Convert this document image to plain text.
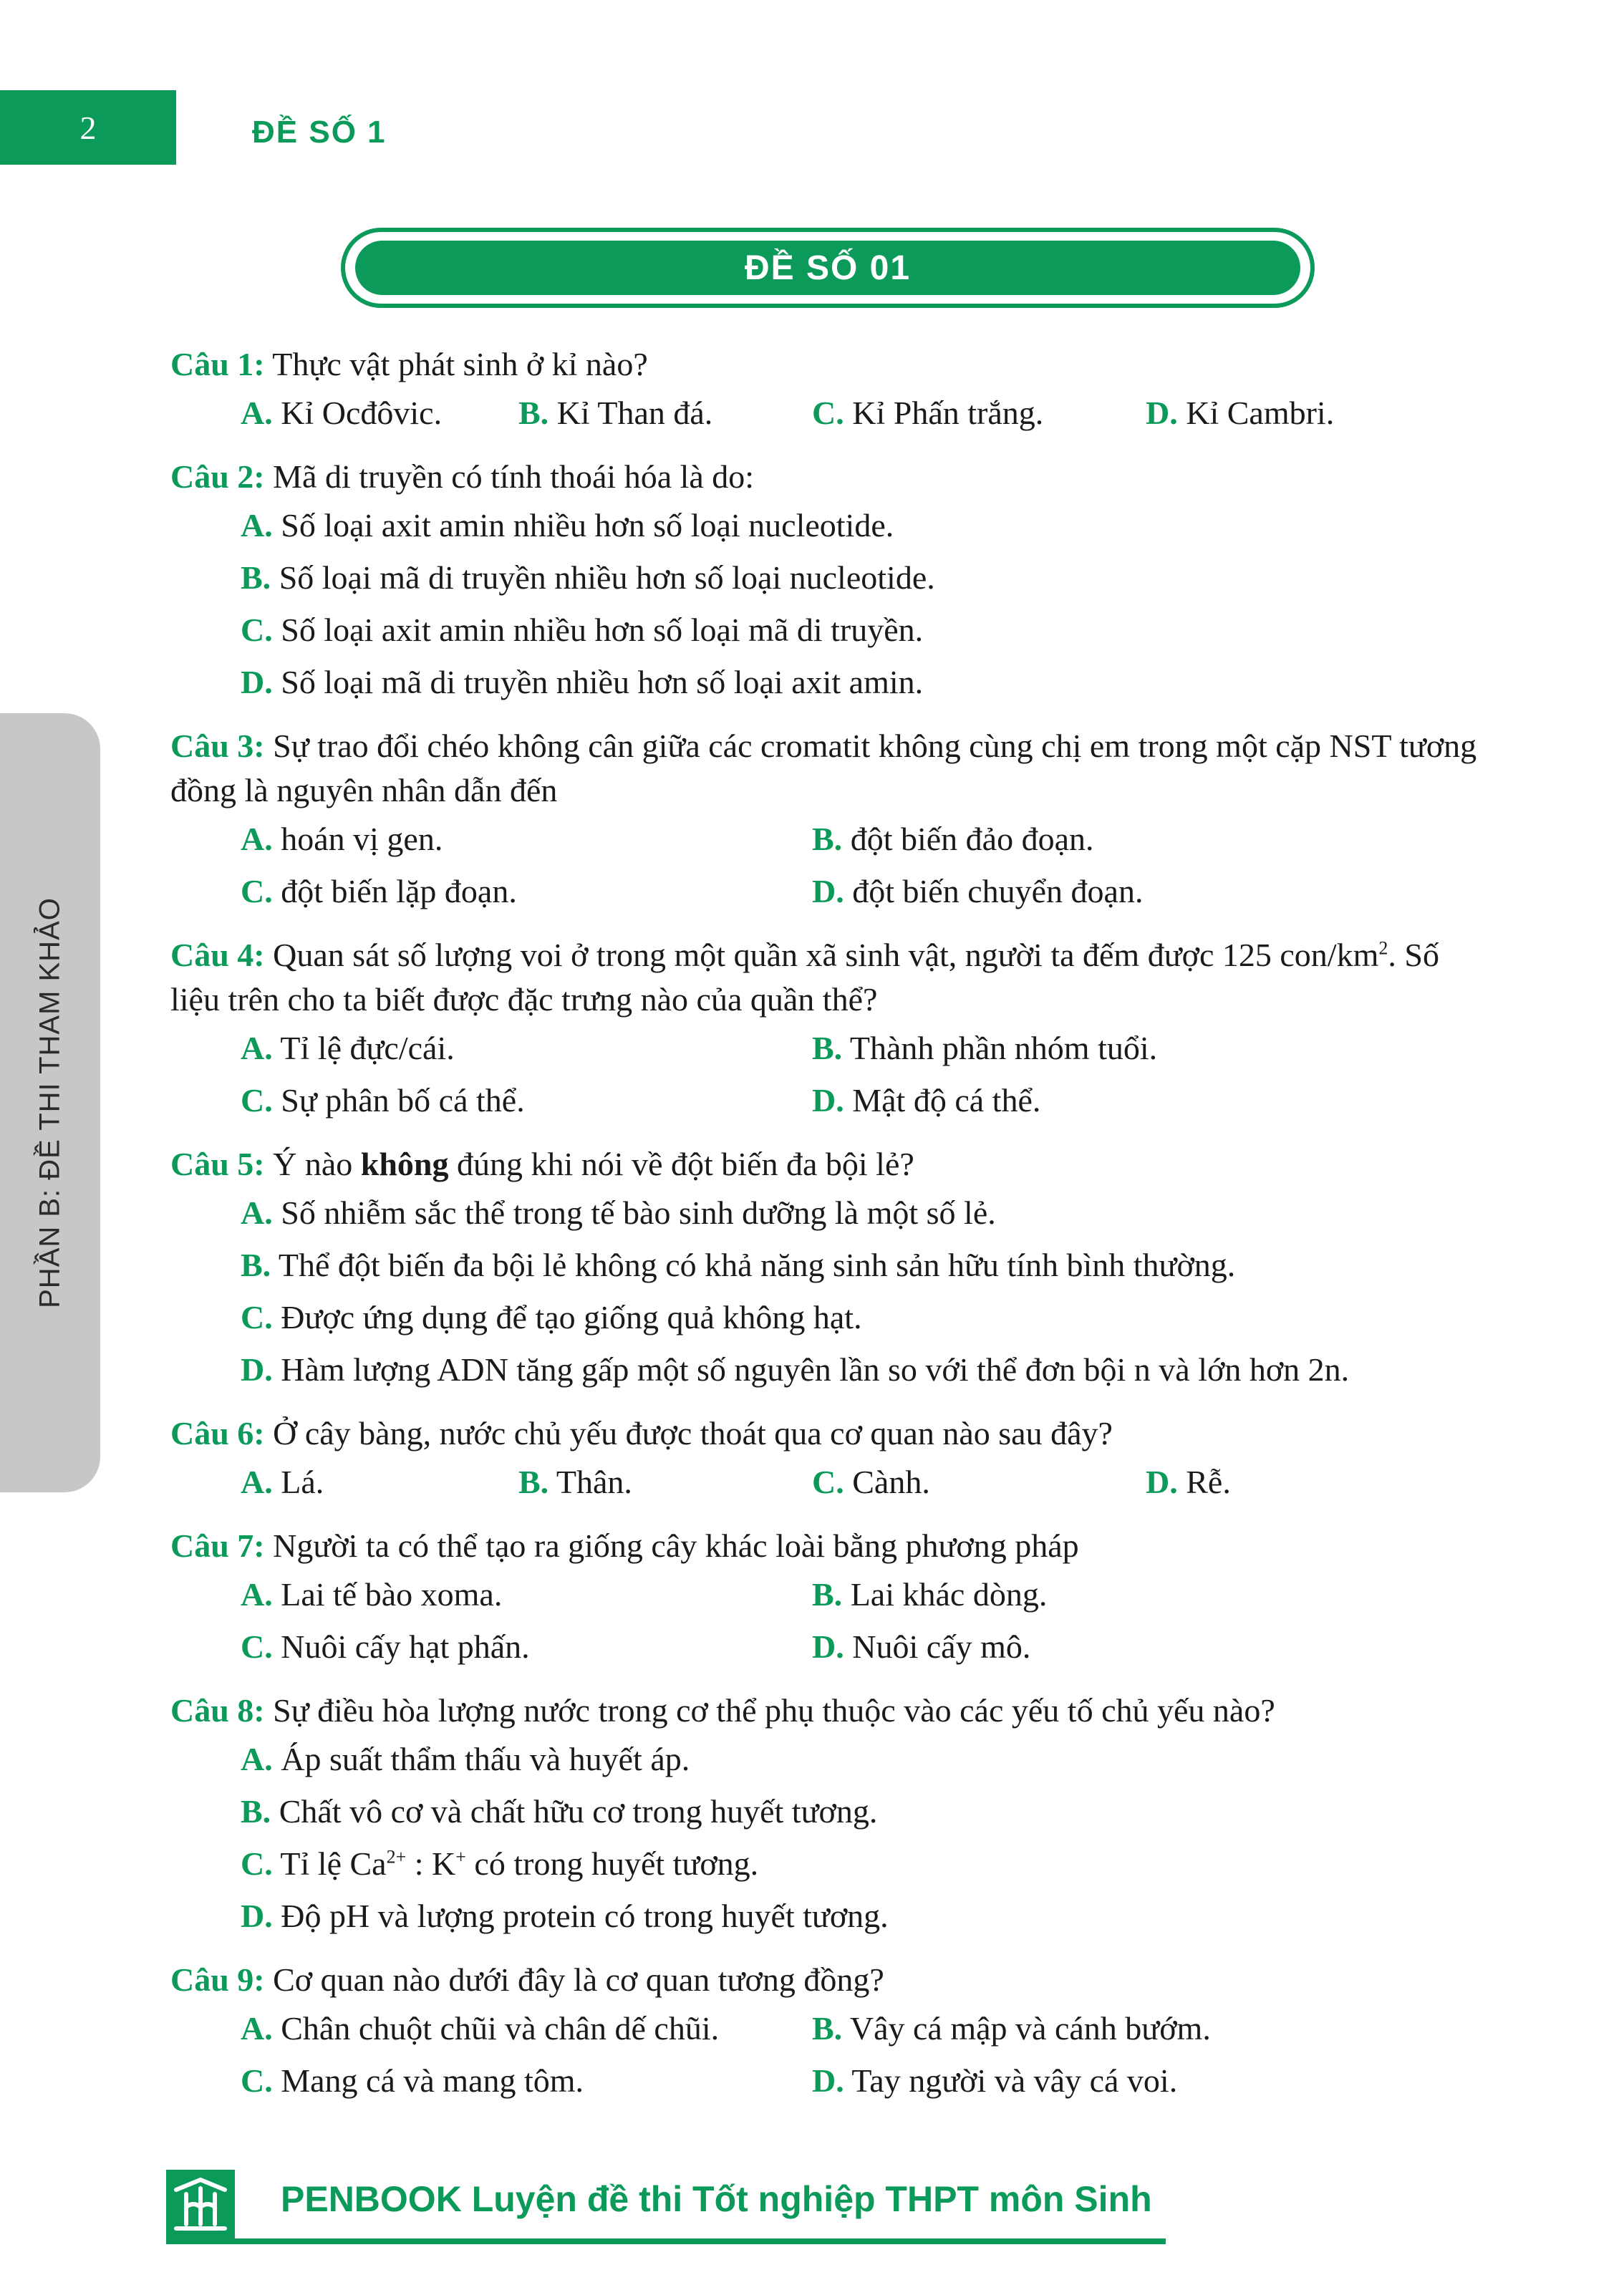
2	ĐỀ SỐ 1
ĐỀ SỐ 01
PHẦN B: ĐỀ THI THAM KHẢO
Câu 1: Thực vật phát sinh ở kỉ nào?
A. Kỉ Ocđôvic.	B. Kỉ Than đá.	C. Kỉ Phấn trắng.	D. Kỉ Cambri.
Câu 2: Mã di truyền có tính thoái hóa là do:
A. Số loại axit amin nhiều hơn số loại nucleotide.
B. Số loại mã di truyền nhiều hơn số loại nucleotide.
C. Số loại axit amin nhiều hơn số loại mã di truyền.
D. Số loại mã di truyền nhiều hơn số loại axit amin.
Câu 3: Sự trao đổi chéo không cân giữa các cromatit không cùng chị em trong một cặp NST tương đồng là nguyên nhân dẫn đến
A. hoán vị gen.	B. đột biến đảo đoạn.
C. đột biến lặp đoạn.	D. đột biến chuyển đoạn.
Câu 4: Quan sát số lượng voi ở trong một quần xã sinh vật, người ta đếm được 125 con/$km^2$. Số liệu trên cho ta biết được đặc trưng nào của quần thể?
A. Tỉ lệ đực/cái.	B. Thành phần nhóm tuổi.
C. Sự phân bố cá thể.	D. Mật độ cá thể.
Câu 5: Ý nào không đúng khi nói về đột biến đa bội lẻ?
A. Số nhiễm sắc thể trong tế bào sinh dưỡng là một số lẻ.
B. Thể đột biến đa bội lẻ không có khả năng sinh sản hữu tính bình thường.
C. Được ứng dụng để tạo giống quả không hạt.
D. Hàm lượng ADN tăng gấp một số nguyên lần so với thể đơn bội n và lớn hơn 2n.
Câu 6: Ở cây bàng, nước chủ yếu được thoát qua cơ quan nào sau đây?
A. Lá.	B. Thân.	C. Cành.	D. Rễ.
Câu 7: Người ta có thể tạo ra giống cây khác loài bằng phương pháp
A. Lai tế bào xoma.	B. Lai khác dòng.
C. Nuôi cấy hạt phấn.	D. Nuôi cấy mô.
Câu 8: Sự điều hòa lượng nước trong cơ thể phụ thuộc vào các yếu tố chủ yếu nào?
A. Áp suất thẩm thấu và huyết áp.
B. Chất vô cơ và chất hữu cơ trong huyết tương.
C. Tỉ lệ $Ca^{2+}$ : K+ có trong huyết tương.
D. Độ pH và lượng protein có trong huyết tương.
Câu 9: Cơ quan nào dưới đây là cơ quan tương đồng?
A. Chân chuột chũi và chân dế chũi.	B. Vây cá mập và cánh bướm.
C. Mang cá và mang tôm.	D. Tay người và vây cá voi.
PENBOOK Luyện đề thi Tốt nghiệp THPT môn Sinh
